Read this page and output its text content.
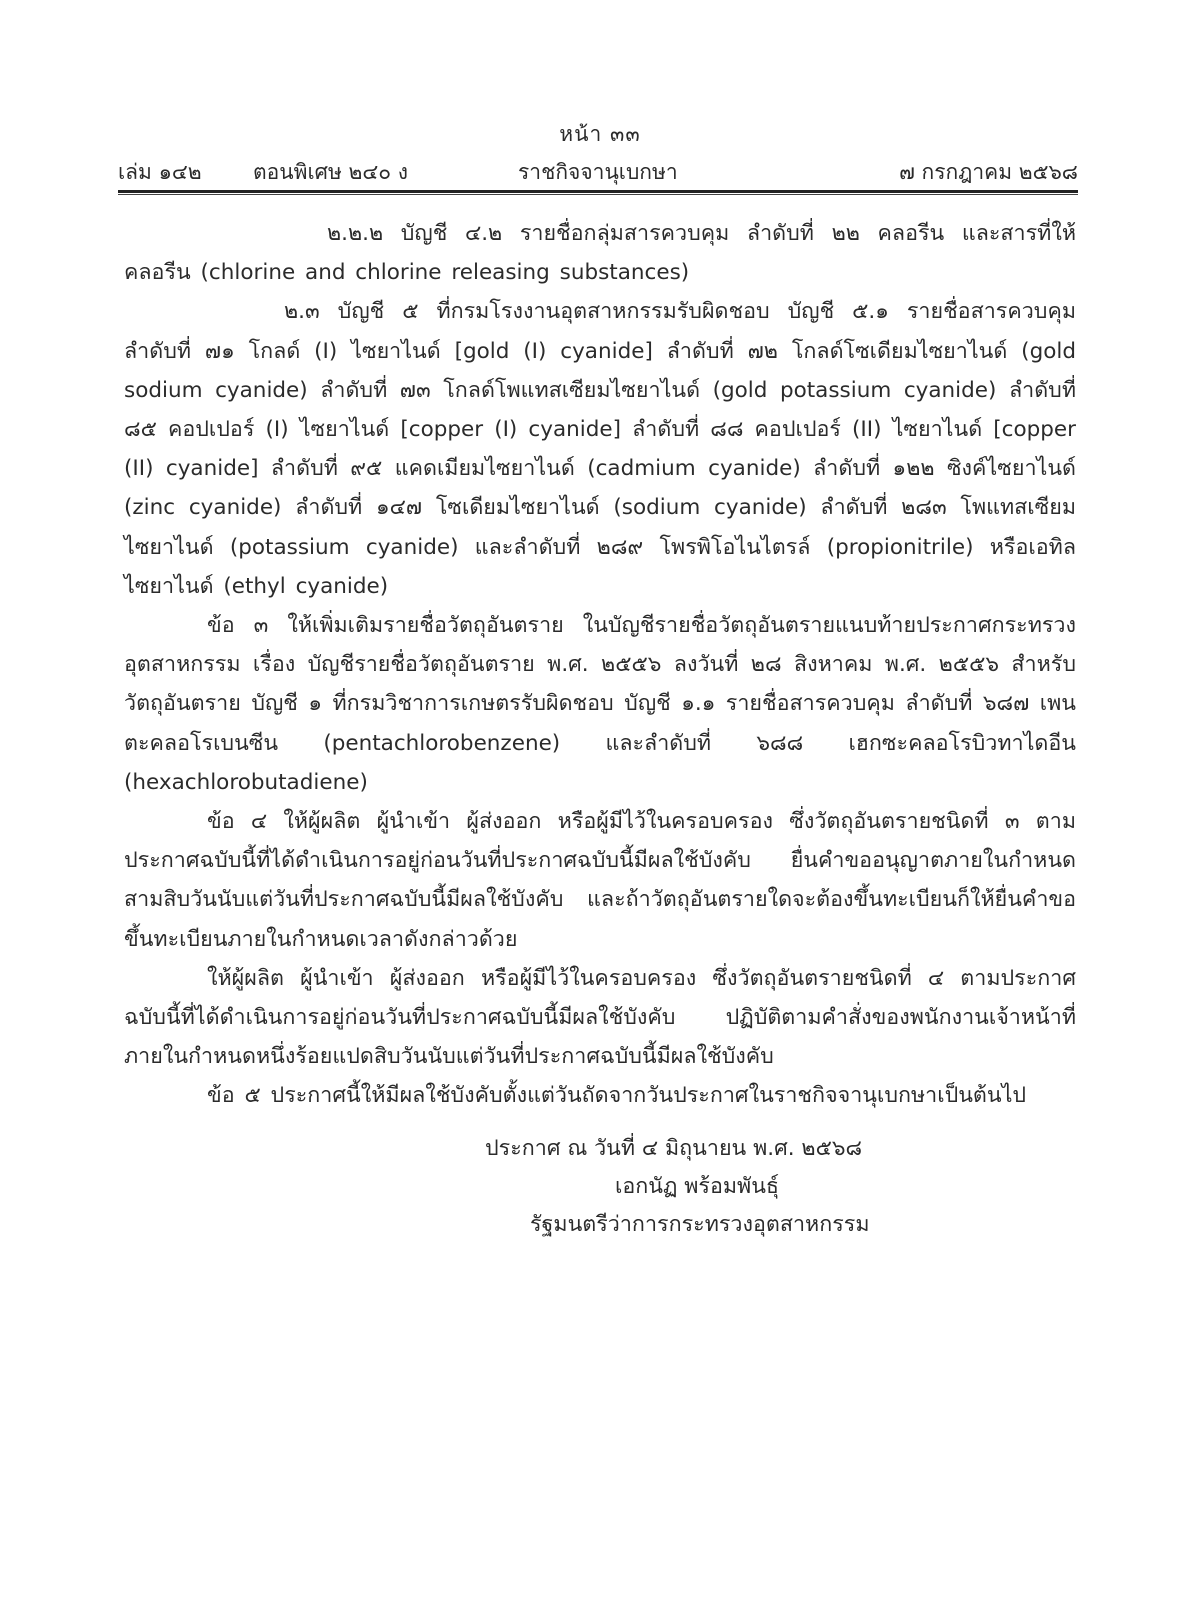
หน้า ๓๓
เล่ม ๑๔๒ ตอนพิเศษ ๒๔๐ ง	ราชกิจจานุเบกษา	๗ กรกฎาคม ๒๕๖๘

๒.๒.๒ บัญชี ๔.๒ รายชื่อกลุ่มสารควบคุม ลำดับที่ ๒๒ คลอรีน และสารที่ให้คลอรีน (chlorine and chlorine releasing substances)

๒.๓ บัญชี ๕ ที่กรมโรงงานอุตสาหกรรมรับผิดชอบ บัญชี ๕.๑ รายชื่อสารควบคุม ลำดับที่ ๗๑ โกลด์ (I) ไซยาไนด์ [gold (I) cyanide] ลำดับที่ ๗๒ โกลด์โซเดียมไซยาไนด์ (gold sodium cyanide) ลำดับที่ ๗๓ โกลด์โพแทสเซียมไซยาไนด์ (gold potassium cyanide) ลำดับที่ ๘๕ คอปเปอร์ (I) ไซยาไนด์ [copper (I) cyanide] ลำดับที่ ๘๘ คอปเปอร์ (II) ไซยาไนด์ [copper (II) cyanide] ลำดับที่ ๙๕ แคดเมียมไซยาไนด์ (cadmium cyanide) ลำดับที่ ๑๒๒ ซิงค์ไซยาไนด์ (zinc cyanide) ลำดับที่ ๑๔๗ โซเดียมไซยาไนด์ (sodium cyanide) ลำดับที่ ๒๘๓ โพแทสเซียมไซยาไนด์ (potassium cyanide) และลำดับที่ ๒๘๙ โพรพิโอไนไตรล์ (propionitrile) หรือเอทิลไซยาไนด์ (ethyl cyanide)

ข้อ ๓ ให้เพิ่มเติมรายชื่อวัตถุอันตราย ในบัญชีรายชื่อวัตถุอันตรายแนบท้ายประกาศกระทรวงอุตสาหกรรม เรื่อง บัญชีรายชื่อวัตถุอันตราย พ.ศ. ๒๕๕๖ ลงวันที่ ๒๘ สิงหาคม พ.ศ. ๒๕๕๖ สำหรับวัตถุอันตราย บัญชี ๑ ที่กรมวิชาการเกษตรรับผิดชอบ บัญชี ๑.๑ รายชื่อสารควบคุม ลำดับที่ ๖๘๗ เพนตะคลอโรเบนซีน (pentachlorobenzene) และลำดับที่ ๖๘๘ เฮกซะคลอโรบิวทาไดอีน (hexachlorobutadiene)

ข้อ ๔ ให้ผู้ผลิต ผู้นำเข้า ผู้ส่งออก หรือผู้มีไว้ในครอบครอง ซึ่งวัตถุอันตรายชนิดที่ ๓ ตามประกาศฉบับนี้ที่ได้ดำเนินการอยู่ก่อนวันที่ประกาศฉบับนี้มีผลใช้บังคับ ยื่นคำขออนุญาตภายในกำหนดสามสิบวันนับแต่วันที่ประกาศฉบับนี้มีผลใช้บังคับ และถ้าวัตถุอันตรายใดจะต้องขึ้นทะเบียนก็ให้ยื่นคำขอขึ้นทะเบียนภายในกำหนดเวลาดังกล่าวด้วย

ให้ผู้ผลิต ผู้นำเข้า ผู้ส่งออก หรือผู้มีไว้ในครอบครอง ซึ่งวัตถุอันตรายชนิดที่ ๔ ตามประกาศฉบับนี้ที่ได้ดำเนินการอยู่ก่อนวันที่ประกาศฉบับนี้มีผลใช้บังคับ ปฏิบัติตามคำสั่งของพนักงานเจ้าหน้าที่ภายในกำหนดหนึ่งร้อยแปดสิบวันนับแต่วันที่ประกาศฉบับนี้มีผลใช้บังคับ

ข้อ ๕ ประกาศนี้ให้มีผลใช้บังคับตั้งแต่วันถัดจากวันประกาศในราชกิจจานุเบกษาเป็นต้นไป

ประกาศ ณ วันที่ ๔ มิถุนายน พ.ศ. ๒๕๖๘
เอกนัฏ พร้อมพันธุ์
รัฐมนตรีว่าการกระทรวงอุตสาหกรรม
